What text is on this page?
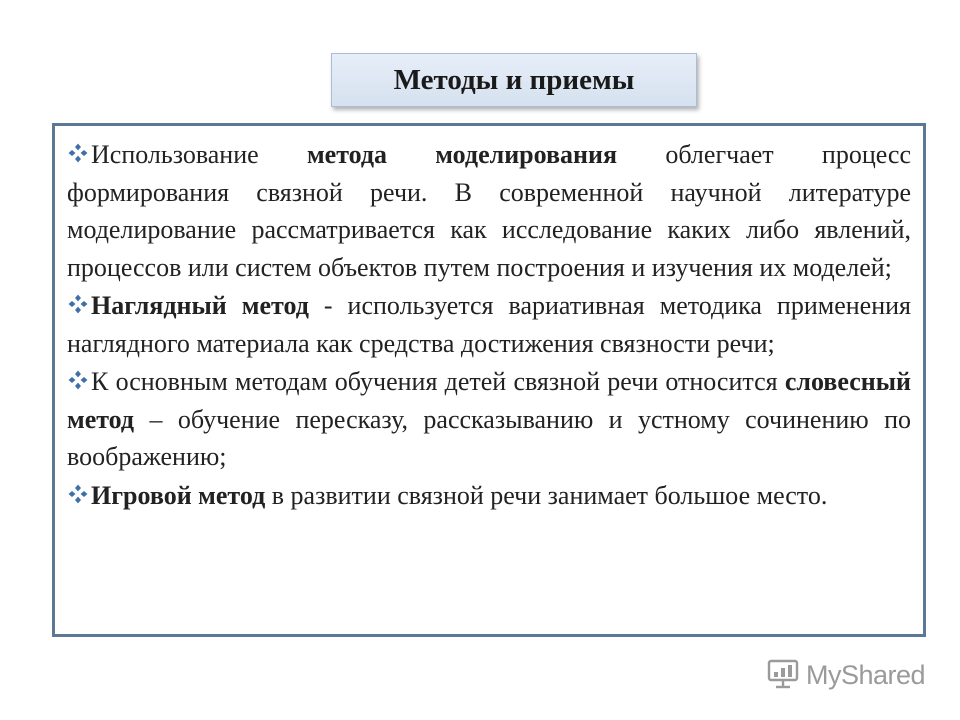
Методы и приемы

Использование метода моделирования облегчает процесс формирования связной речи. В современной научной литературе моделирование рассматривается как исследование каких либо явлений, процессов или систем объектов путем построения и изучения их моделей;

Наглядный метод - используется вариативная методика применения наглядного материала как средства достижения связности речи;

К основным методам обучения детей связной речи относится словесный метод – обучение пересказу, рассказыванию и устному сочинению по воображению;

Игровой метод в развитии связной речи занимает большое место.

MyShared
